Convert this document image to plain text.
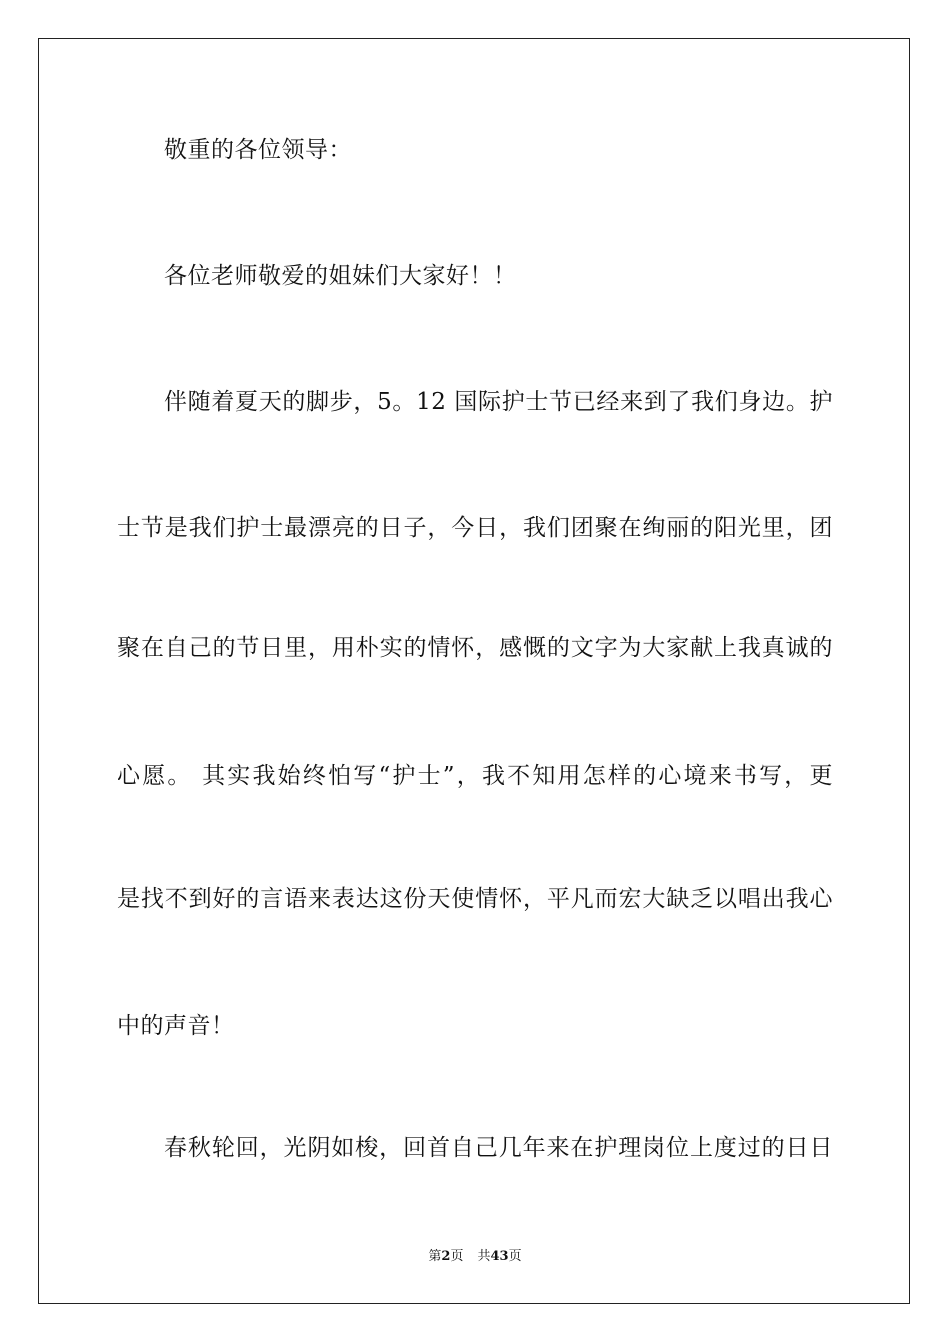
敬重的各位领导：
各位老师敬爱的姐妹们大家好！！
伴随着夏天的脚步，5。12 国际护士节已经来到了我们身边。护
士节是我们护士最漂亮的日子，今日，我们团聚在绚丽的阳光里，团
聚在自己的节日里，用朴实的情怀，感慨的文字为大家献上我真诚的
心愿。 其实我始终怕写“护士”，我不知用怎样的心境来书写，更
是找不到好的言语来表达这份天使情怀，平凡而宏大缺乏以唱出我心
中的声音！
春秋轮回，光阴如梭，回首自己几年来在护理岗位上度过的日日
第2页 共43页
